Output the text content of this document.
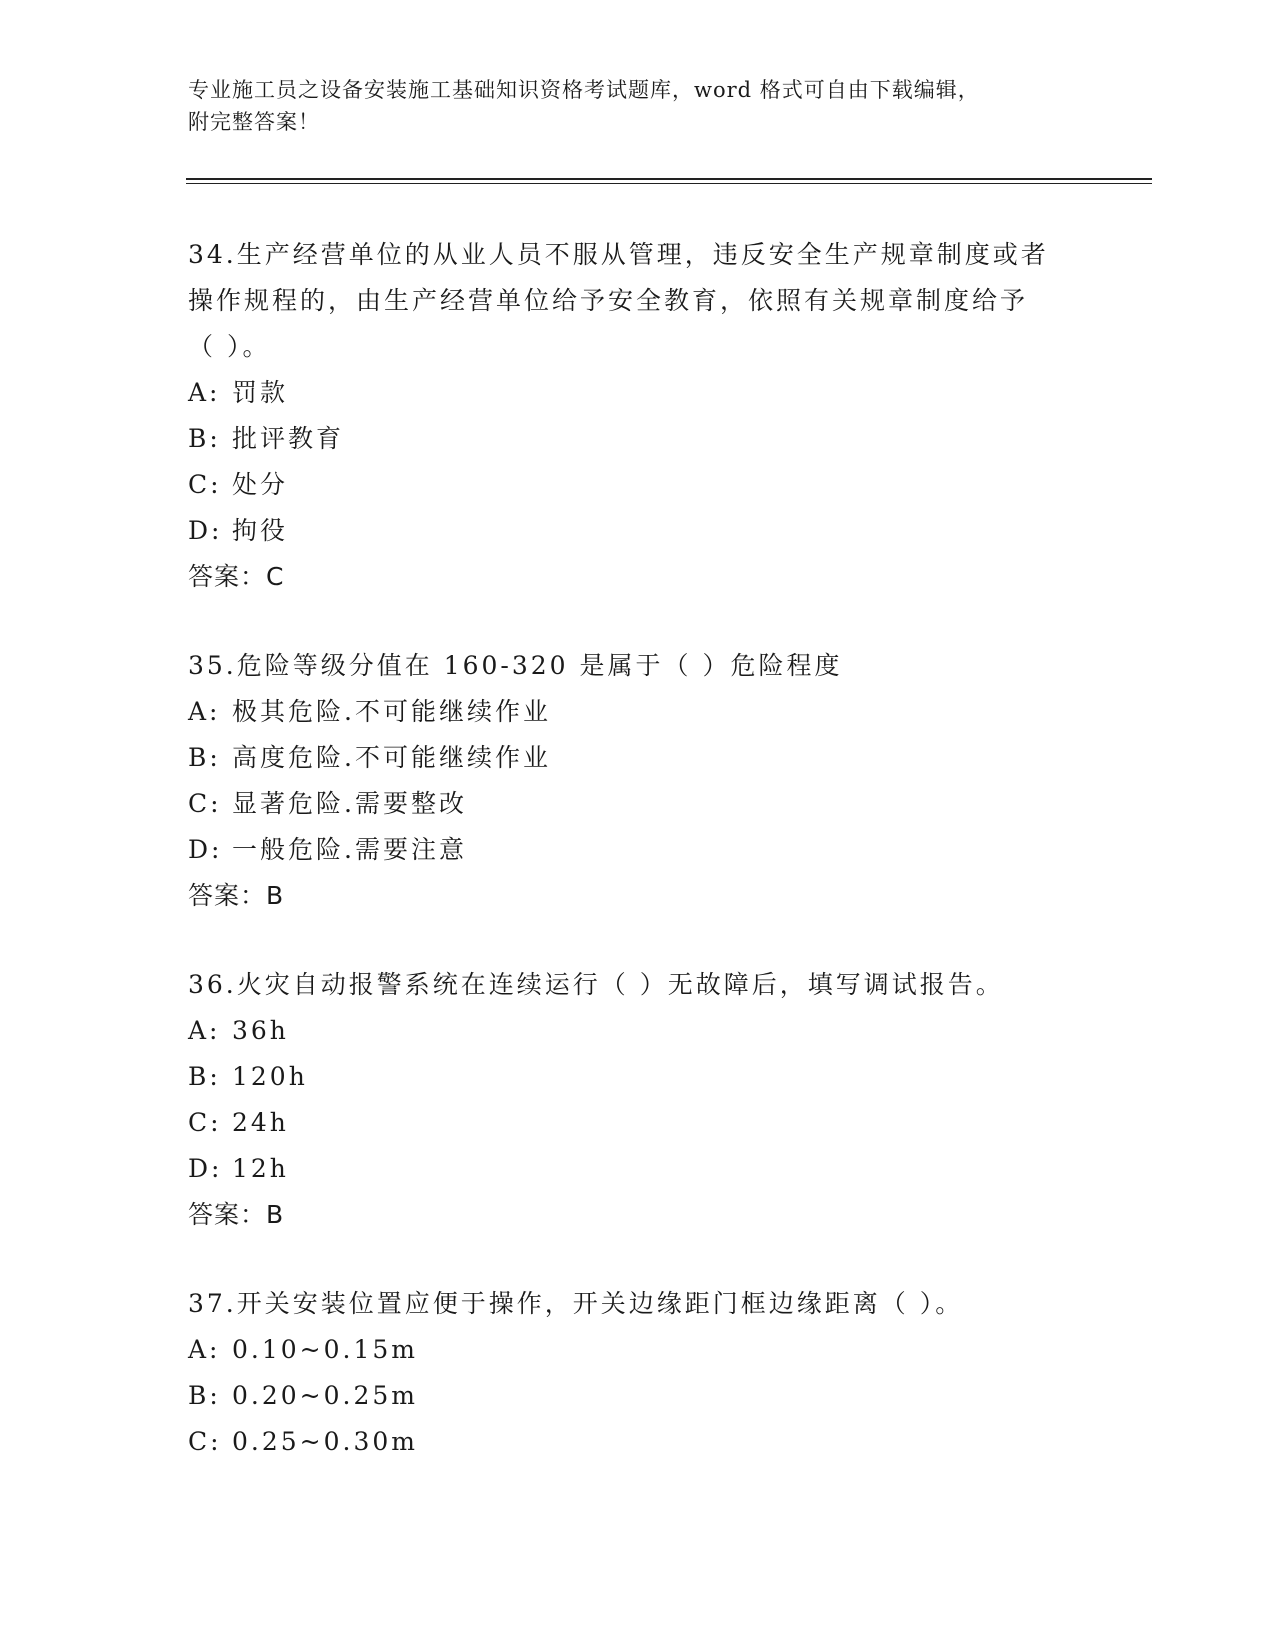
专业施工员之设备安装施工基础知识资格考试题库，word 格式可自由下载编辑，
附完整答案！

34.生产经营单位的从业人员不服从管理，违反安全生产规章制度或者

操作规程的，由生产经营单位给予安全教育，依照有关规章制度给予

（ ）。

A: 罚款

B: 批评教育

C: 处分

D: 拘役

答案：C

35.危险等级分值在 160-320 是属于（ ）危险程度

A: 极其危险.不可能继续作业

B: 高度危险.不可能继续作业

C: 显著危险.需要整改

D: 一般危险.需要注意

答案：B

36.火灾自动报警系统在连续运行（ ）无故障后，填写调试报告。

A: 36h

B: 120h

C: 24h

D: 12h

答案：B

37.开关安装位置应便于操作，开关边缘距门框边缘距离（ ）。

A: 0.10~0.15m

B: 0.20~0.25m

C: 0.25~0.30m
